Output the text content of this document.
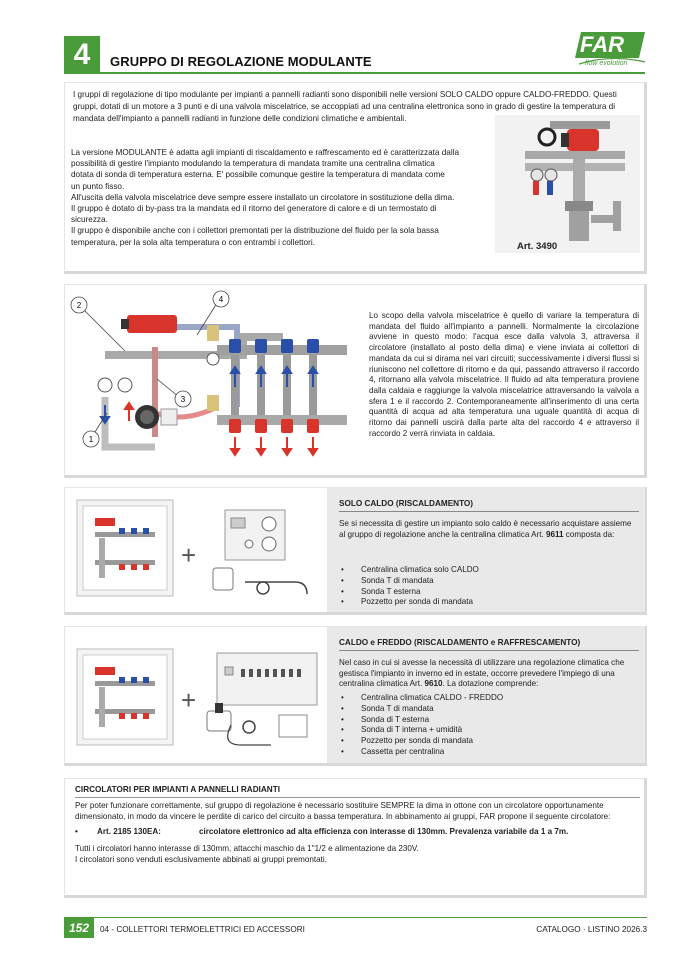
4	GRUPPO DI REGOLAZIONE MODULANTE
FAR
flow evolution
I gruppi di regolazione di tipo modulante per impianti a pannelli radianti sono disponibili nelle versioni SOLO CALDO oppure CALDO-FREDDO. Questi gruppi, dotati di un motore a 3 punti e di una valvola miscelatrice, se accoppiati ad una centralina elettronica sono in grado di gestire la temperatura di mandata dell'impianto a pannelli radianti in funzione delle condizioni climatiche e ambientali.
La versione MODULANTE è adatta agli impianti di riscaldamento e raffrescamento ed è caratterizzata dalla
possibilità di gestire l'impianto modulando la temperatura di mandata tramite una centralina climatica
dotata di sonda di temperatura esterna. E' possibile comunque gestire la temperatura di mandata come
un punto fisso.
All'uscita della valvola miscelatrice deve sempre essere installato un circolatore in sostituzione della dima.
Il gruppo è dotato di by-pass tra la mandata ed il ritorno del generatore di calore e di un termostato di
sicurezza.
Il gruppo è disponibile anche con i collettori premontati per la distribuzione del fluido per la sola bassa
temperatura, per la sola alta temperatura o con entrambi i collettori.	Art. 3490
2
4
3
1
Lo scopo della valvola miscelatrice è quello di variare la temperatura di mandata del fluido all'impianto a pannelli. Normalmente la circolazione avviene in questo modo: l'acqua esce dalla valvola 3, attraversa il circolatore (installato al posto della dima) e viene inviata ai collettori di mandata da cui si dirama nei vari circuiti; successivamente i diversi flussi si riuniscono nel collettore di ritorno e da qui, passando attraverso il raccordo 4, ritornano alla valvola miscelatrice. Il fluido ad alta temperatura proviene dalla caldaia e raggiunge la valvola miscelatrice attraversando la valvola a sfera 1 e il raccordo 2. Contemporaneamente all'inserimento di una certa quantità di acqua ad alta temperatura una uguale quantità di acqua di ritorno dai pannelli uscirà dalla parte alta del raccordo 4 e attraverso il raccordo 2 verrà rinviata in caldaia.
+
SOLO CALDO (RISCALDAMENTO)
Se si necessita di gestire un impianto solo caldo è necessario acquistare assieme al gruppo di regolazione anche la centralina climatica Art. 9611 composta da:
• Centralina climatica solo CALDO
• Sonda T di mandata
• Sonda T esterna
• Pozzetto per sonda di mandata
+
CALDO e FREDDO (RISCALDAMENTO e RAFFRESCAMENTO)
Nel caso in cui si avesse la necessità di utilizzare una regolazione climatica che gestisca l'impianto in inverno ed in estate, occorre prevedere l'impiego di una centralina climatica Art. 9610. La dotazione comprende:
• Centralina climatica CALDO - FREDDO
• Sonda T di mandata
• Sonda di T esterna
• Sonda di T interna + umidità
• Pozzetto per sonda di mandata
• Cassetta per centralina
CIRCOLATORI PER IMPIANTI A PANNELLI RADIANTI
Per poter funzionare correttamente, sul gruppo di regolazione è necessario sostituire SEMPRE la dima in ottone con un circolatore opportunamente dimensionato, in modo da vincere le perdite di carico del circuito a bassa temperatura. In abbinamento ai gruppi, FAR propone il seguente circolatore:
• Art. 2185 130EA:	circolatore elettronico ad alta efficienza con interasse di 130mm. Prevalenza variabile da 1 a 7m.
Tutti i circolatori hanno interasse di 130mm, attacchi maschio da 1"1/2 e alimentazione da 230V.
I circolatori sono venduti esclusivamente abbinati ai gruppi premontati.
152	04 - COLLETTORI TERMOELETTRICI ED ACCESSORI	CATALOGO · LISTINO 2026.3
